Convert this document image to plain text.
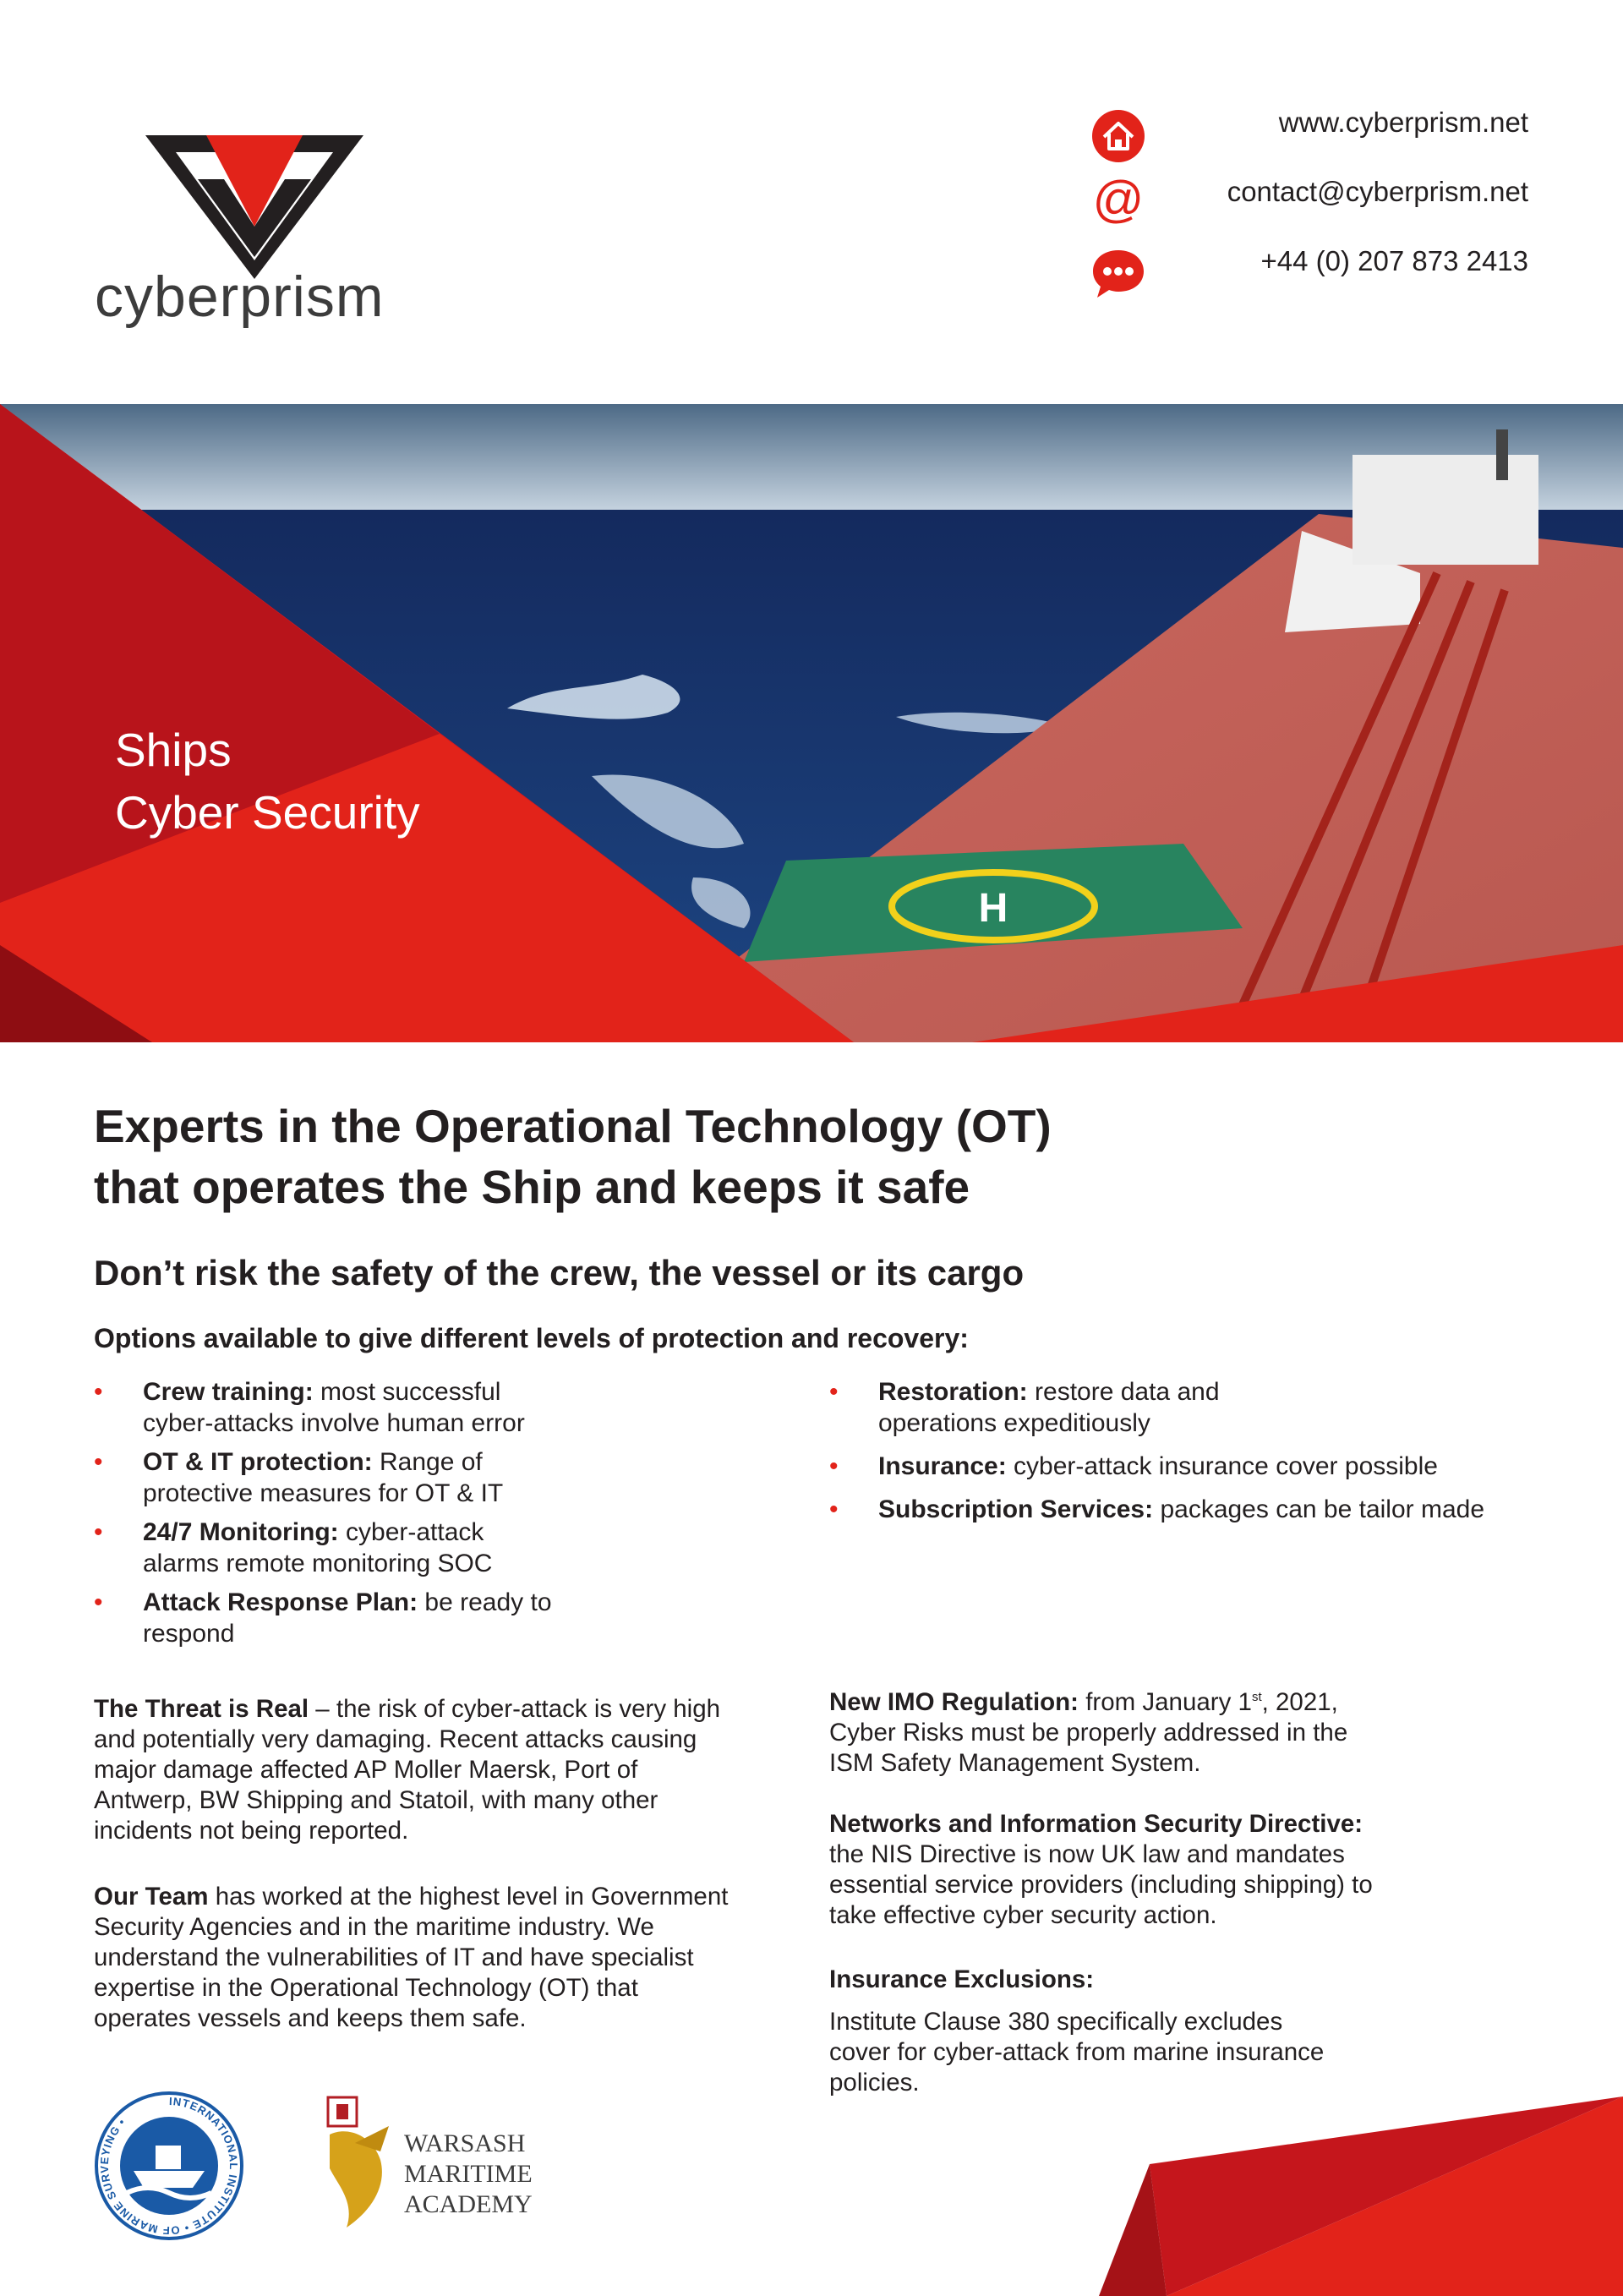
cyberprism
www.cyberprism.net
@	contact@cyberprism.net
+44 (0) 207 873 2413
H
Ships
Cyber Security
Experts in the Operational Technology (OT)
that operates the Ship and keeps it safe
Don’t risk the safety of the crew, the vessel or its cargo
Options available to give different levels of protection and recovery:
• Crew training: most successful
cyber-attacks involve human error
• OT & IT protection: Range of
protective measures for OT & IT
• 24/7 Monitoring: cyber-attack
alarms remote monitoring SOC
• Attack Response Plan: be ready to
respond
• Restoration: restore data and
operations expeditiously
• Insurance: cyber-attack insurance cover possible
• Subscription Services: packages can be tailor made
The Threat is Real – the risk of cyber-attack is very high
and potentially very damaging. Recent attacks causing
major damage affected AP Moller Maersk, Port of
Antwerp, BW Shipping and Statoil, with many other
incidents not being reported.
Our Team has worked at the highest level in Government
Security Agencies and in the maritime industry. We
understand the vulnerabilities of IT and have specialist
expertise in the Operational Technology (OT) that
operates vessels and keeps them safe.
New IMO Regulation: from January 1st, 2021,
Cyber Risks must be properly addressed in the
ISM Safety Management System.
Networks and Information Security Directive:
the NIS Directive is now UK law and mandates
essential service providers (including shipping) to
take effective cyber security action.
Insurance Exclusions:
Institute Clause 380 specifically excludes
cover for cyber-attack from marine insurance
policies.
INTERNATIONAL INSTITUTE • OF MARINE SURVEYING •
WARSASH
MARITIME
ACADEMY
